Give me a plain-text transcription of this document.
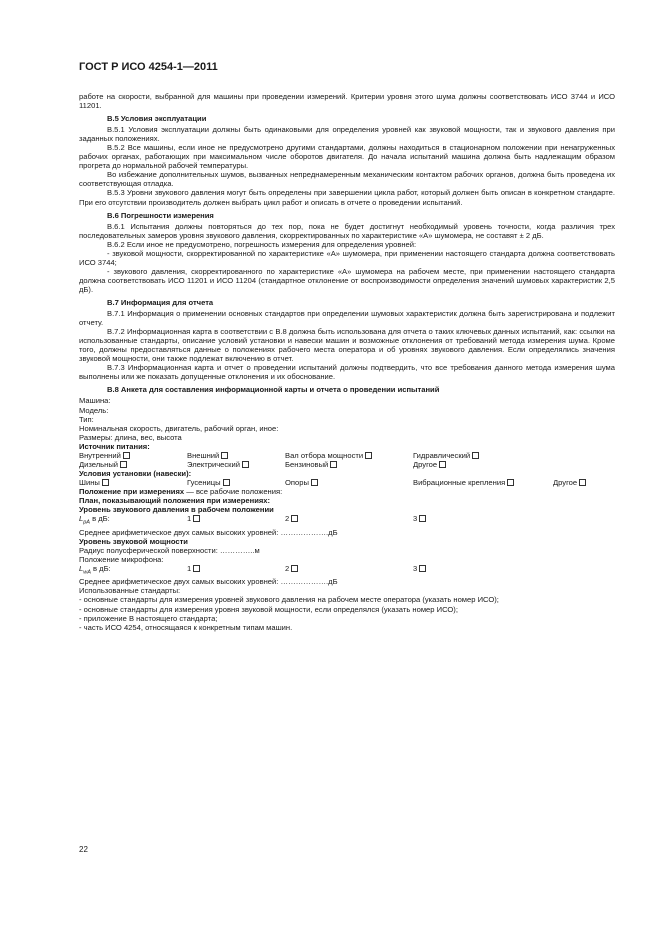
ГОСТ Р ИСО 4254-1—2011

работе на скорости, выбранной для машины при проведении измерений. Критерии уровня этого шума должны соответствовать ИСО 3744 и ИСО 11201.

В.5 Условия эксплуатации

В.5.1 Условия эксплуатации должны быть одинаковыми для определения уровней как звуковой мощности, так и звукового давления при заданных положениях.

В.5.2 Все машины, если иное не предусмотрено другими стандартами, должны находиться в стационарном положении при ненагруженных рабочих органах, работающих при максимальном числе оборотов двигателя. До начала испытаний машина должна быть надлежащим образом прогрета до нормальной рабочей температуры.

Во избежание дополнительных шумов, вызванных непреднамеренным механическим контактом рабочих органов, должна быть проведена их соответствующая отладка.

В.5.3 Уровни звукового давления могут быть определены при завершении цикла работ, который должен быть описан в конкретном стандарте. При его отсутствии производитель должен выбрать цикл работ и описать в отчете о проведении испытаний.

В.6 Погрешности измерения

В.6.1 Испытания должны повторяться до тех пор, пока не будет достигнут необходимый уровень точности, когда различия трех последовательных замеров уровня звукового давления, скорректированных по характеристике «А» шумомера, не составят ± 2 дБ.

В.6.2 Если иное не предусмотрено, погрешность измерения для определения уровней:

- звуковой мощности, скорректированной по характеристике «А» шумомера, при применении настоящего стандарта должна соответствовать ИСО 3744;

- звукового давления, скорректированного по характеристике «А» шумомера на рабочем месте, при применении настоящего стандарта должна соответствовать ИСО 11201 и ИСО 11204 (стандартное отклонение от воспроизводимости определения значений шумовых характеристик 2,5 дБ).

В.7 Информация для отчета

В.7.1 Информация о применении основных стандартов при определении шумовых характеристик должна быть зарегистрирована и подлежит отчету.

В.7.2 Информационная карта в соответствии с В.8 должна быть использована для отчета о таких ключевых данных испытаний, как: ссылки на использованные стандарты, описание условий установки и навески машин и возможные отклонения от требований метода измерения шума. Кроме того, должны предоставляться данные о положениях рабочего места оператора и об уровнях звукового давления. Если определялись значения звуковой мощности, они также подлежат включению в отчет.

В.7.3 Информационная карта и отчет о проведении испытаний должны подтвердить, что все требования данного метода измерения шума выполнены или же показать допущенные отклонения и их обоснование.

В.8 Анкета для составления информационной карты и отчета о проведении испытаний

Машина:

Модель:

Тип:

Номинальная скорость, двигатель, рабочий орган, иное:

Размеры: длина, вес, высота

Источник питания:

Внутренний	Внешний	Вал отбора мощности	Гидравлический
Дизельный	Электрический	Бензиновый	Другое

Условия установки (навески):

Шины	Гусеницы	Опоры	Вибрационные крепления	Другое

Положение при измерениях — все рабочие положения:

План, показывающий положения при измерениях:

Уровень звукового давления в рабочем положении

$L_{pA}$ в дБ:	1	2	3

Среднее арифметическое двух самых высоких уровней: ……………….дБ

Уровень звуковой мощности

Радиус полусферической поверхности: …………..м

Положение микрофона:

$L_{wA}$ в дБ:	1	2	3

Среднее арифметическое двух самых высоких уровней: ……………….дБ

Использованные стандарты:

- основные стандарты для измерения уровней звукового давления на рабочем месте оператора (указать номер ИСО);

- основные стандарты для измерения уровня звуковой мощности, если определялся (указать номер ИСО);

- приложение В настоящего стандарта;

- часть ИСО 4254, относящаяся к конкретным типам машин.

22
